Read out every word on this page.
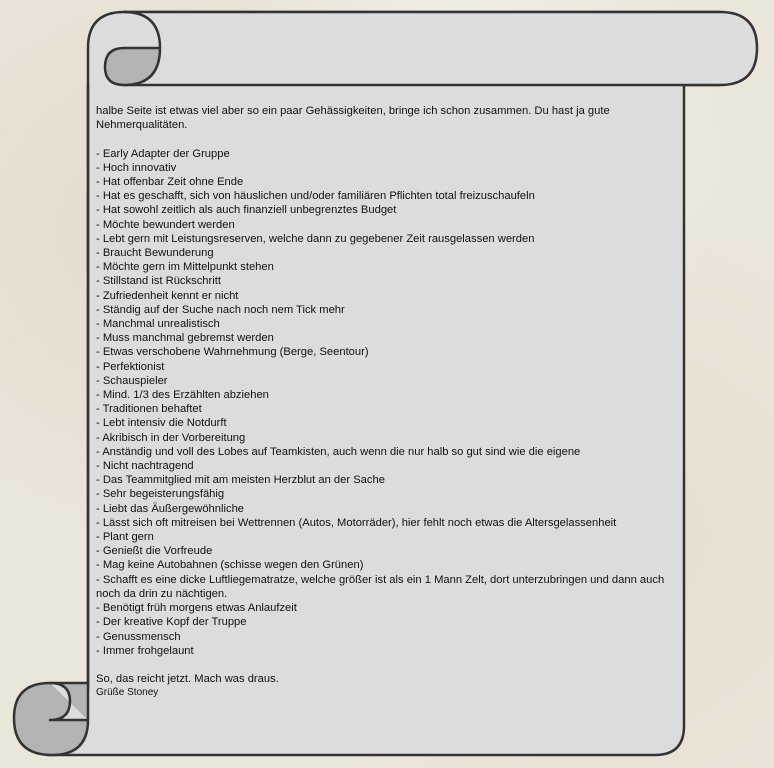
halbe Seite ist etwas viel aber so ein paar Gehässigkeiten, bringe ich schon zusammen. Du hast ja gute Nehmerqualitäten.

- Early Adapter der Gruppe

- Hoch innovativ

- Hat offenbar Zeit ohne Ende

- Hat es geschafft, sich von häuslichen und/oder familiären Pflichten total freizuschaufeln

- Hat sowohl zeitlich als auch finanziell unbegrenztes Budget

- Möchte bewundert werden

- Lebt gern mit Leistungsreserven, welche dann zu gegebener Zeit rausgelassen werden

- Braucht Bewunderung

- Möchte gern im Mittelpunkt stehen

- Stillstand ist Rückschritt

- Zufriedenheit kennt er nicht

- Ständig auf der Suche nach noch nem Tick mehr

- Manchmal unrealistisch

- Muss manchmal gebremst werden

- Etwas verschobene Wahrnehmung (Berge, Seentour)

- Perfektionist

- Schauspieler

- Mind. 1/3 des Erzählten abziehen

- Traditionen behaftet

- Lebt intensiv die Notdurft

- Akribisch in der Vorbereitung

- Anständig und voll des Lobes auf Teamkisten, auch wenn die nur halb so gut sind wie die eigene

- Nicht nachtragend

- Das Teammitglied mit am meisten Herzblut an der Sache

- Sehr begeisterungsfähig

- Liebt das Äußergewöhnliche

- Lässt sich oft mitreisen bei Wettrennen (Autos, Motorräder), hier fehlt noch etwas die Altersgelassenheit

- Plant gern

- Genießt die Vorfreude

- Mag keine Autobahnen (schisse wegen den Grünen)

- Schafft es eine dicke Luftliegematratze, welche größer ist als ein 1 Mann Zelt, dort unterzubringen und dann auch noch da drin zu nächtigen.

- Benötigt früh morgens etwas Anlaufzeit

- Der kreative Kopf der Truppe

- Genussmensch

- Immer frohgelaunt

So, das reicht jetzt. Mach was draus.

Grüße Stoney
